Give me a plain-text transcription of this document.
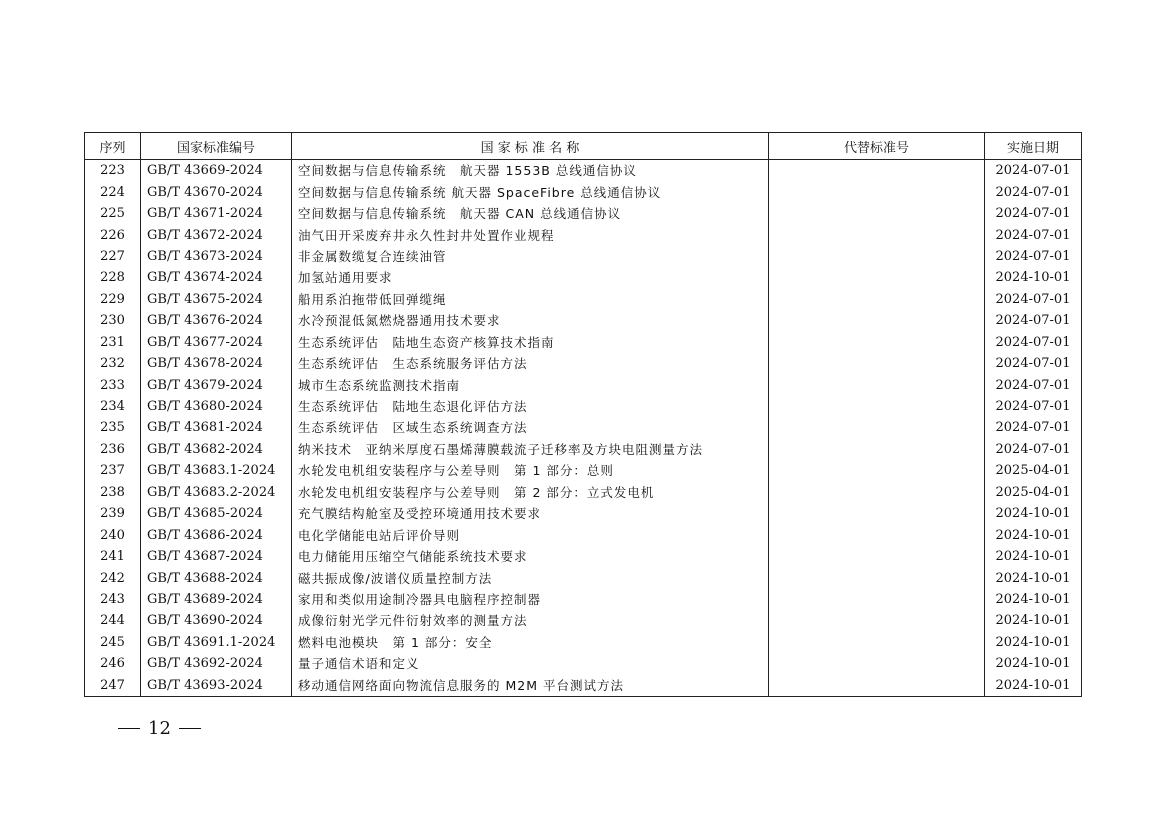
序列	国家标准编号	国 家 标 准 名 称	代替标准号	实施日期
223	GB/T 43669-2024	空间数据与信息传输系统　航天器 1553B 总线通信协议		2024-07-01
224	GB/T 43670-2024	空间数据与信息传输系统 航天器 SpaceFibre 总线通信协议		2024-07-01
225	GB/T 43671-2024	空间数据与信息传输系统　航天器 CAN 总线通信协议		2024-07-01
226	GB/T 43672-2024	油气田开采废弃井永久性封井处置作业规程		2024-07-01
227	GB/T 43673-2024	非金属数缆复合连续油管		2024-07-01
228	GB/T 43674-2024	加氢站通用要求		2024-10-01
229	GB/T 43675-2024	船用系泊拖带低回弹缆绳		2024-07-01
230	GB/T 43676-2024	水冷预混低氮燃烧器通用技术要求		2024-07-01
231	GB/T 43677-2024	生态系统评估　陆地生态资产核算技术指南		2024-07-01
232	GB/T 43678-2024	生态系统评估　生态系统服务评估方法		2024-07-01
233	GB/T 43679-2024	城市生态系统监测技术指南		2024-07-01
234	GB/T 43680-2024	生态系统评估　陆地生态退化评估方法		2024-07-01
235	GB/T 43681-2024	生态系统评估　区域生态系统调查方法		2024-07-01
236	GB/T 43682-2024	纳米技术　亚纳米厚度石墨烯薄膜载流子迁移率及方块电阻测量方法		2024-07-01
237	GB/T 43683.1-2024	水轮发电机组安装程序与公差导则　第 1 部分：总则		2025-04-01
238	GB/T 43683.2-2024	水轮发电机组安装程序与公差导则　第 2 部分：立式发电机		2025-04-01
239	GB/T 43685-2024	充气膜结构舱室及受控环境通用技术要求		2024-10-01
240	GB/T 43686-2024	电化学储能电站后评价导则		2024-10-01
241	GB/T 43687-2024	电力储能用压缩空气储能系统技术要求		2024-10-01
242	GB/T 43688-2024	磁共振成像/波谱仪质量控制方法		2024-10-01
243	GB/T 43689-2024	家用和类似用途制冷器具电脑程序控制器		2024-10-01
244	GB/T 43690-2024	成像衍射光学元件衍射效率的测量方法		2024-10-01
245	GB/T 43691.1-2024	燃料电池模块　第 1 部分：安全		2024-10-01
246	GB/T 43692-2024	量子通信术语和定义		2024-10-01
247	GB/T 43693-2024	移动通信网络面向物流信息服务的 M2M 平台测试方法		2024-10-01
12
